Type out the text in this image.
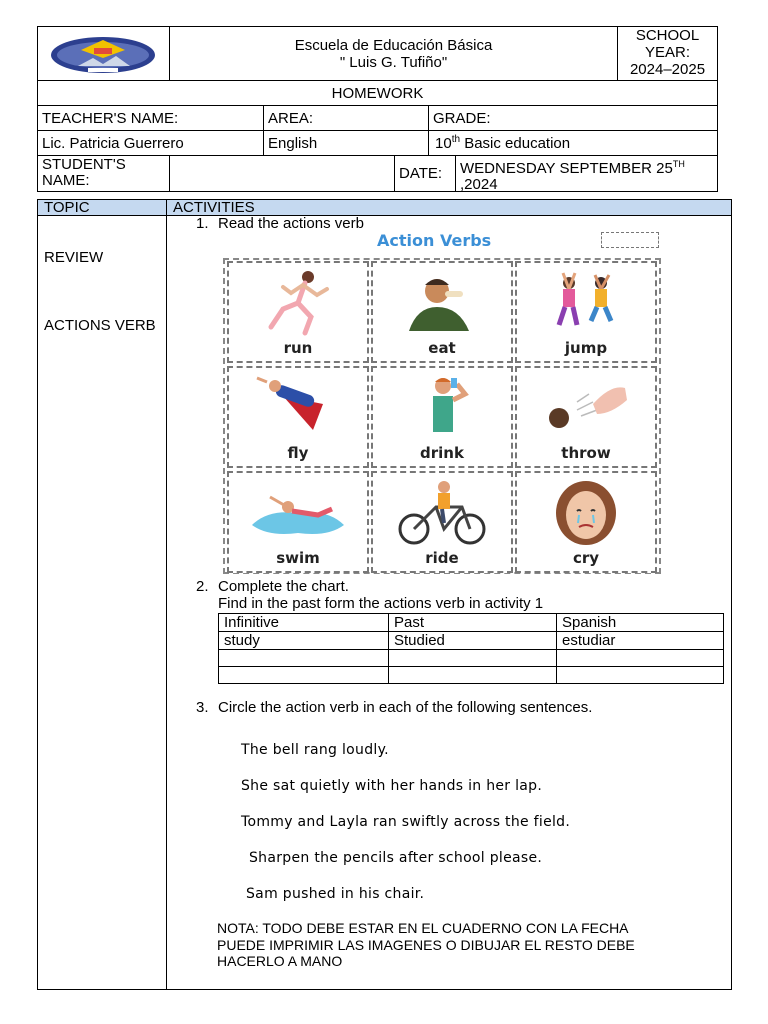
Escuela de Educación Básica
" Luis G. Tufiño"
SCHOOL YEAR:
2024–2025
HOMEWORK
TEACHER'S NAME:	AREA:	GRADE:
Lic. Patricia Guerrero	English	10th Basic education
STUDENT'S
NAME:	DATE:	WEDNESDAY SEPTEMBER 25TH
,2024
TOPIC	ACTIVITIES
REVIEW
ACTIONS VERB
1. Read the actions verb
Action Verbs
run	eat	jump
fly	drink	throw
swim	ride	cry
2. Complete the chart.
Find in the past form the actions verb in activity 1
Infinitive	Past	Spanish
study	Studied	estudiar

3. Circle the action verb in each of the following sentences.
The bell rang loudly.
She sat quietly with her hands in her lap.
Tommy and Layla ran swiftly across the field.
Sharpen the pencils after school please.
Sam pushed in his chair.
NOTA: TODO DEBE ESTAR EN EL CUADERNO CON LA FECHA
PUEDE IMPRIMIR LAS IMAGENES O DIBUJAR EL RESTO DEBE
HACERLO A MANO
